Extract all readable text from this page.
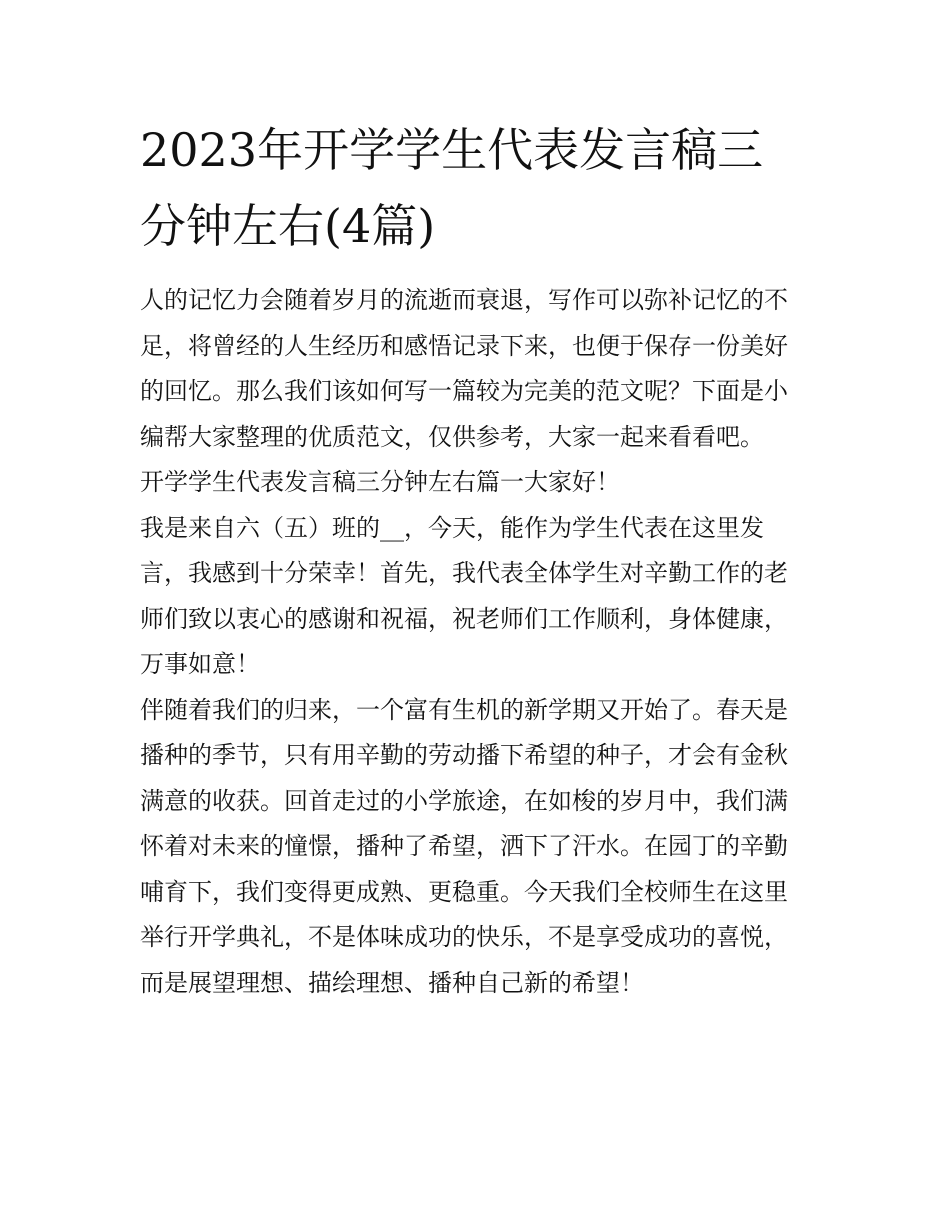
2023年开学学生代表发言稿三
分钟左右(4篇)
人的记忆力会随着岁月的流逝而衰退，写作可以弥补记忆的不
足，将曾经的人生经历和感悟记录下来，也便于保存一份美好
的回忆。那么我们该如何写一篇较为完美的范文呢？下面是小
编帮大家整理的优质范文，仅供参考，大家一起来看看吧。
开学学生代表发言稿三分钟左右篇一大家好！
我是来自六（五）班的__，今天，能作为学生代表在这里发
言，我感到十分荣幸！首先，我代表全体学生对辛勤工作的老
师们致以衷心的感谢和祝福，祝老师们工作顺利，身体健康，
万事如意！
伴随着我们的归来，一个富有生机的新学期又开始了。春天是
播种的季节，只有用辛勤的劳动播下希望的种子，才会有金秋
满意的收获。回首走过的小学旅途，在如梭的岁月中，我们满
怀着对未来的憧憬，播种了希望，洒下了汗水。在园丁的辛勤
哺育下，我们变得更成熟、更稳重。今天我们全校师生在这里
举行开学典礼，不是体味成功的快乐，不是享受成功的喜悦，
而是展望理想、描绘理想、播种自己新的希望！
